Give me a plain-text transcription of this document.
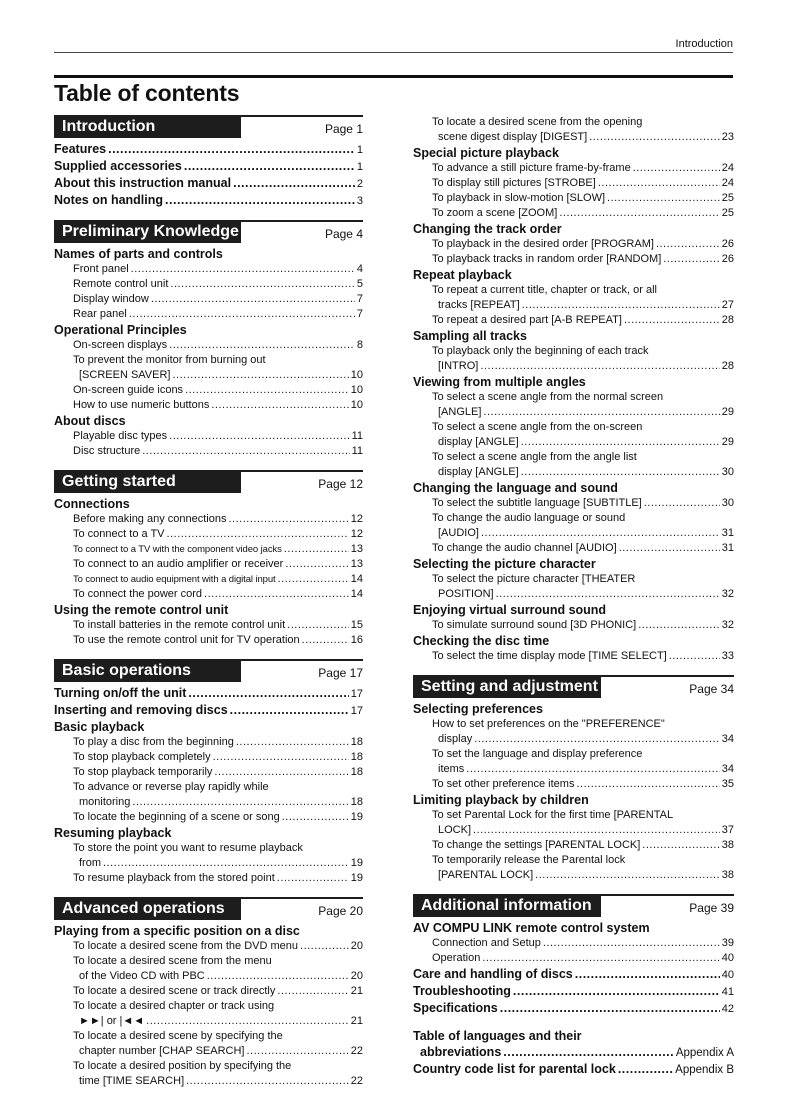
Introduction
Table of contents
Introduction	Page 1
Features .....	1
Supplied accessories .....	1
About this instruction manual .....	2
Notes on handling .....	3
Preliminary Knowledge	Page 4
Names of parts and controls
Front panel .....	4
Remote control unit .....	5
Display window .....	7
Rear panel .....	7
Operational Principles
On-screen displays .....	8
To prevent the monitor from burning out
[SCREEN SAVER] .....	10
On-screen guide icons .....	10
How to use numeric buttons .....	10
About discs
Playable disc types .....	11
Disc structure .....	11
Getting started	Page 12
Connections
Before making any connections .....	12
To connect to a TV .....	12
To connect to a TV with the component video jacks .....	13
To connect to an audio amplifier or receiver .....	13
To connect to audio equipment with a digital input .....	14
To connect the power cord .....	14
Using the remote control unit
To install batteries in the remote control unit .....	15
To use the remote control unit for TV operation .....	16
Basic operations	Page 17
Turning on/off the unit .....	17
Inserting and removing discs .....	17
Basic playback
To play a disc from the beginning .....	18
To stop playback completely .....	18
To stop playback temporarily .....	18
To advance or reverse play rapidly while
monitoring .....	18
To locate the beginning of a scene or song .....	19
Resuming playback
To store the point you want to resume playback
from .....	19
To resume playback from the stored point .....	19
Advanced operations	Page 20
Playing from a specific position on a disc
To locate a desired scene from the DVD menu .....	20
To locate a desired scene from the menu
of the Video CD with PBC .....	20
To locate a desired scene or track directly .....	21
To locate a desired chapter or track using
►►| or |◄◄ .....	21
To locate a desired scene by specifying the
chapter number [CHAP SEARCH] .....	22
To locate a desired position by specifying the
time [TIME SEARCH] .....	22
To locate a desired scene from the opening
scene digest display [DIGEST] .....	23
Special picture playback
To advance a still picture frame-by-frame .....	24
To display still pictures [STROBE] .....	24
To playback in slow-motion [SLOW] .....	25
To zoom a scene [ZOOM] .....	25
Changing the track order
To playback in the desired order [PROGRAM] .....	26
To playback tracks in random order [RANDOM] .....	26
Repeat playback
To repeat a current title, chapter or track, or all
tracks [REPEAT] .....	27
To repeat a desired part [A-B REPEAT] .....	28
Sampling all tracks
To playback only the beginning of each track
[INTRO] .....	28
Viewing from multiple angles
To select a scene angle from the normal screen
[ANGLE] .....	29
To select a scene angle from the on-screen
display [ANGLE] .....	29
To select a scene angle from the angle list
display [ANGLE] .....	30
Changing the language and sound
To select the subtitle language [SUBTITLE] .....	30
To change the audio language or sound
[AUDIO] .....	31
To change the audio channel [AUDIO] .....	31
Selecting the picture character
To select the picture character [THEATER
POSITION] .....	32
Enjoying virtual surround sound
To simulate surround sound [3D PHONIC] .....	32
Checking the disc time
To select the time display mode [TIME SELECT] .....	33
Setting and adjustment	Page 34
Selecting preferences
How to set preferences on the "PREFERENCE"
display .....	34
To set the language and display preference
items .....	34
To set other preference items .....	35
Limiting playback by children
To set Parental Lock for the first time [PARENTAL
LOCK] .....	37
To change the settings [PARENTAL LOCK] .....	38
To temporarily release the Parental lock
[PARENTAL LOCK] .....	38
Additional information	Page 39
AV COMPU LINK remote control system
Connection and Setup .....	39
Operation .....	40
Care and handling of discs .....	40
Troubleshooting .....	41
Specifications .....	42
Table of languages and their
abbreviations .....	Appendix A
Country code list for parental lock .....	Appendix B
